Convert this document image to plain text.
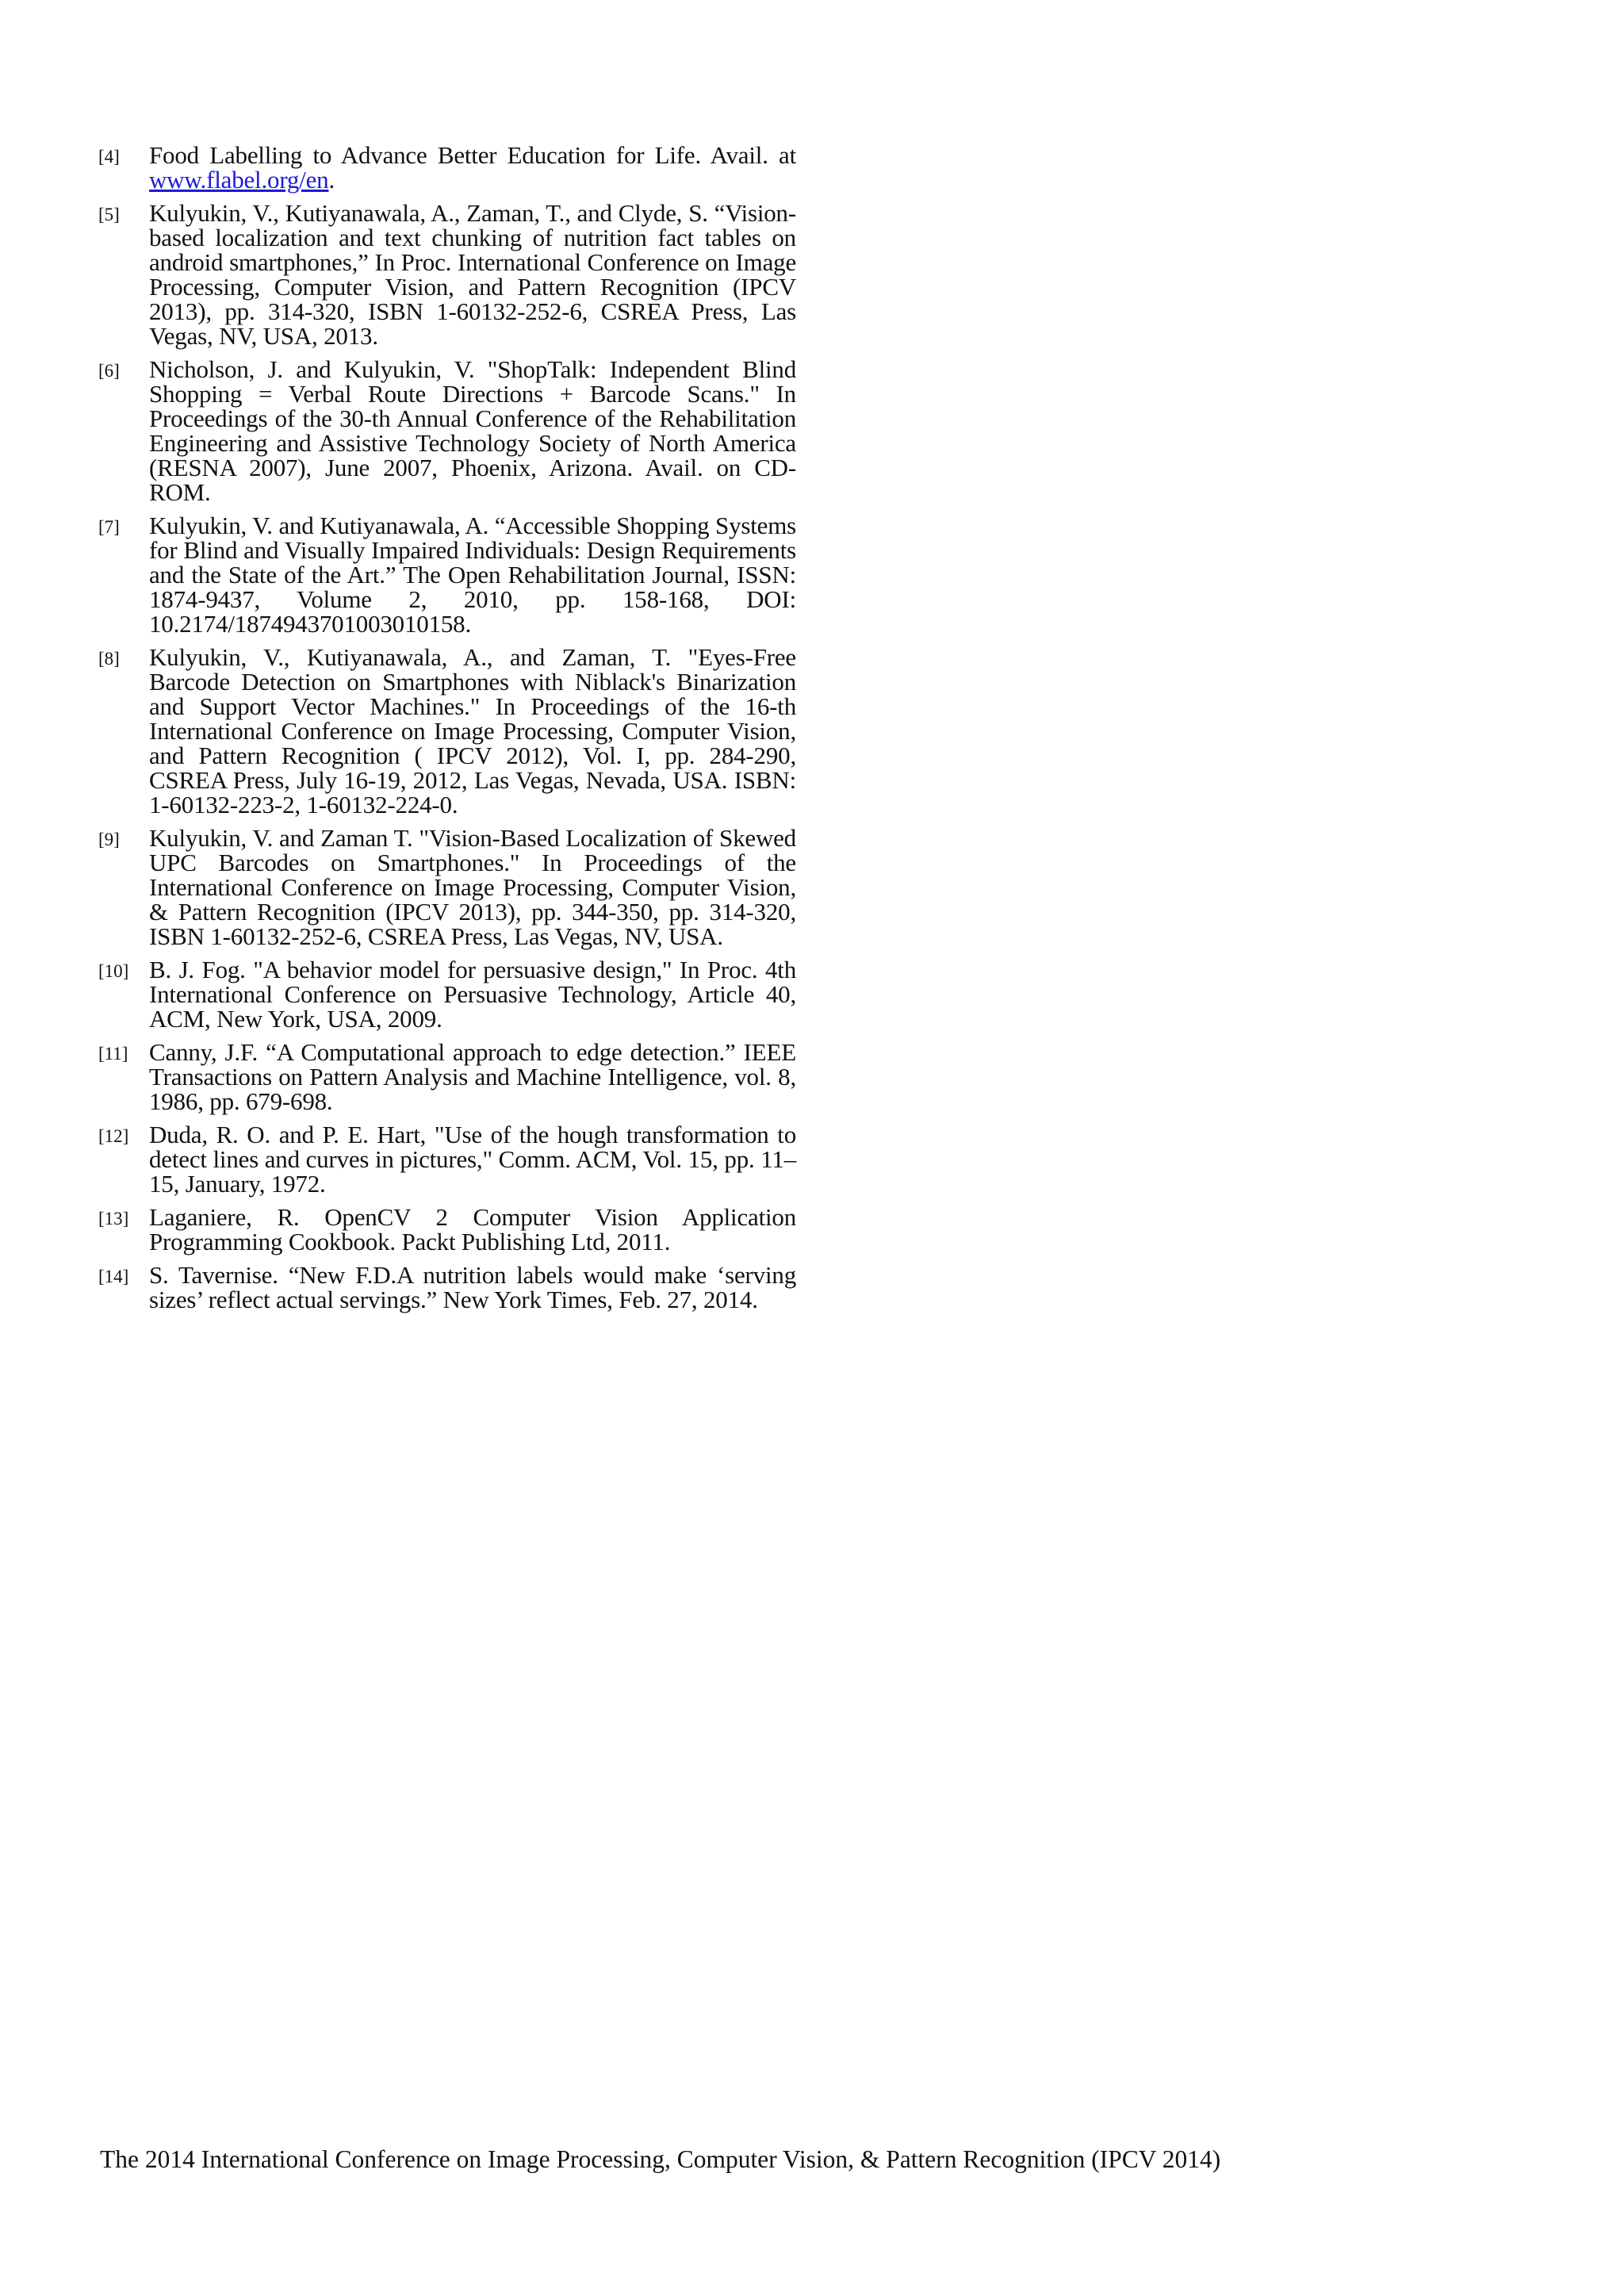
[4]	Food Labelling to Advance Better Education for Life. Avail. at www.flabel.org/en.
[5]	Kulyukin, V., Kutiyanawala, A., Zaman, T., and Clyde, S. “Vision-based localization and text chunking of nutrition fact tables on android smartphones,” In Proc. International Conference on Image Processing, Computer Vision, and Pattern Recognition (IPCV 2013), pp. 314-320, ISBN 1-60132-252-6, CSREA Press, Las Vegas, NV, USA, 2013.
[6]	Nicholson, J. and Kulyukin, V. "ShopTalk: Independent Blind Shopping = Verbal Route Directions + Barcode Scans." In Proceedings of the 30-th Annual Conference of the Rehabilitation Engineering and Assistive Technology Society of North America (RESNA 2007), June 2007, Phoenix, Arizona. Avail. on CD-ROM.
[7]	Kulyukin, V. and Kutiyanawala, A. “Accessible Shopping Systems for Blind and Visually Impaired Individuals: Design Requirements and the State of the Art.” The Open Rehabilitation Journal, ISSN: 1874-9437, Volume 2, 2010, pp. 158-168, DOI: 10.2174/1874943701003010158.
[8]	Kulyukin, V., Kutiyanawala, A., and Zaman, T. "Eyes-Free Barcode Detection on Smartphones with Niblack's Binarization and Support Vector Machines." In Proceedings of the 16-th International Conference on Image Processing, Computer Vision, and Pattern Recognition ( IPCV 2012), Vol. I, pp. 284-290, CSREA Press, July 16-19, 2012, Las Vegas, Nevada, USA. ISBN: 1-60132-223-2, 1-60132-224-0.
[9]	Kulyukin, V. and Zaman T. "Vision-Based Localization of Skewed UPC Barcodes on Smartphones." In Proceedings of the International Conference on Image Processing, Computer Vision, & Pattern Recognition (IPCV 2013), pp. 344-350, pp. 314-320, ISBN 1-60132-252-6, CSREA Press, Las Vegas, NV, USA.
[10] B. J. Fog. "A behavior model for persuasive design," In Proc. 4th International Conference on Persuasive Technology, Article 40, ACM, New York, USA, 2009.
[11] Canny, J.F. “A Computational approach to edge detection.” IEEE Transactions on Pattern Analysis and Machine Intelligence, vol. 8, 1986, pp. 679-698.
[12] Duda, R. O. and P. E. Hart, "Use of the hough transformation to detect lines and curves in pictures," Comm. ACM, Vol. 15, pp. 11–15, January, 1972.
[13] Laganiere, R. OpenCV 2 Computer Vision Application Programming Cookbook. Packt Publishing Ltd, 2011.
[14] S. Tavernise. “New F.D.A nutrition labels would make ‘serving sizes’ reflect actual servings.” New York Times, Feb. 27, 2014.
The 2014 International Conference on Image Processing, Computer Vision, & Pattern Recognition (IPCV 2014)
